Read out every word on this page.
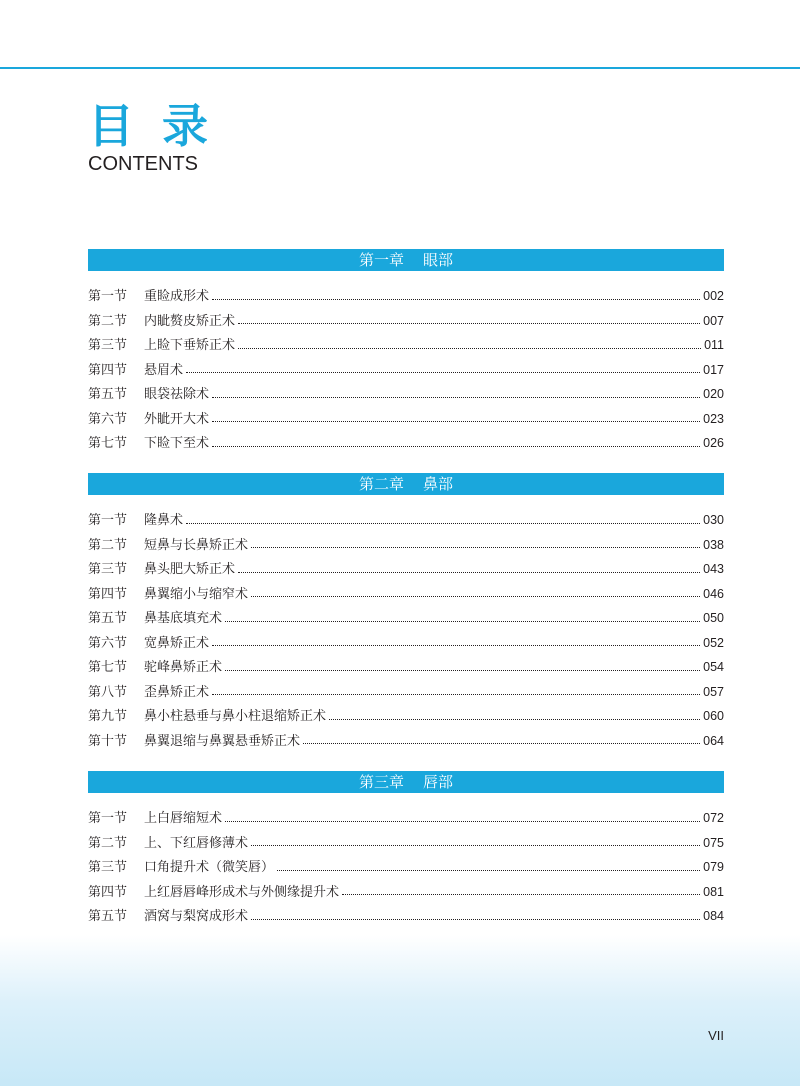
目 录
CONTENTS
第一章    眼部
第一节	重睑成形术	002
第二节	内眦赘皮矫正术	007
第三节	上睑下垂矫正术	011
第四节	悬眉术	017
第五节	眼袋祛除术	020
第六节	外眦开大术	023
第七节	下睑下至术	026
第二章    鼻部
第一节	隆鼻术	030
第二节	短鼻与长鼻矫正术	038
第三节	鼻头肥大矫正术	043
第四节	鼻翼缩小与缩窄术	046
第五节	鼻基底填充术	050
第六节	宽鼻矫正术	052
第七节	驼峰鼻矫正术	054
第八节	歪鼻矫正术	057
第九节	鼻小柱悬垂与鼻小柱退缩矫正术	060
第十节	鼻翼退缩与鼻翼悬垂矫正术	064
第三章    唇部
第一节	上白唇缩短术	072
第二节	上、下红唇修薄术	075
第三节	口角提升术（微笑唇）	079
第四节	上红唇唇峰形成术与外侧缘提升术	081
第五节	酒窝与梨窝成形术	084
VII
